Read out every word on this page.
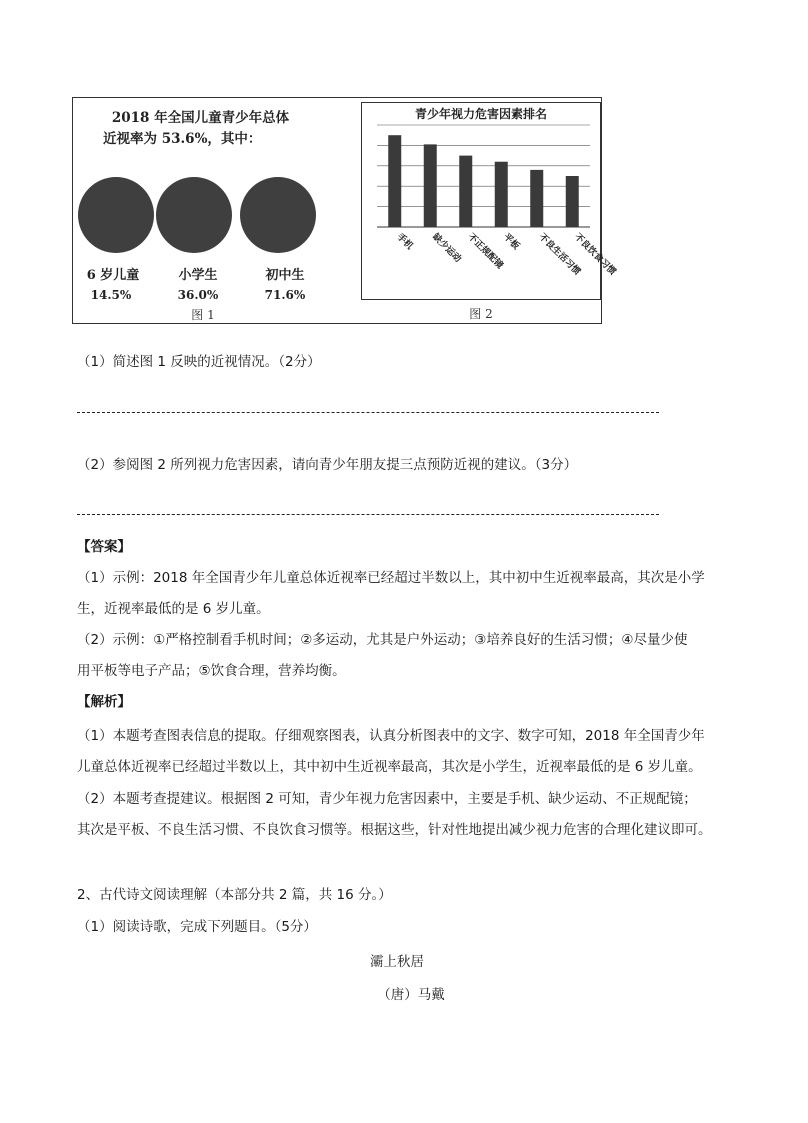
2018 年全国儿童青少年总体
近视率为 53.6%，其中：
6 岁儿童	小学生	初中生
14.5%	36.0%	71.6%
图 1
青少年视力危害因素排名
手机 缺少运动 不正规配镜
平板 不良生活习惯
不良饮食习惯
图 2
（1）简述图 1 反映的近视情况。（2分）
（2）参阅图 2 所列视力危害因素，请向青少年朋友提三点预防近视的建议。（3分）
【答案】
（1）示例：2018 年全国青少年儿童总体近视率已经超过半数以上，其中初中生近视率最高，其次是小学
生，近视率最低的是 6 岁儿童。
（2）示例：①严格控制看手机时间；②多运动，尤其是户外运动；③培养良好的生活习惯；④尽量少使
用平板等电子产品；⑤饮食合理，营养均衡。
【解析】
（1）本题考查图表信息的提取。仔细观察图表，认真分析图表中的文字、数字可知，2018 年全国青少年
儿童总体近视率已经超过半数以上，其中初中生近视率最高，其次是小学生，近视率最低的是 6 岁儿童。
（2）本题考查提建议。根据图 2 可知，青少年视力危害因素中，主要是手机、缺少运动、不正规配镜；
其次是平板、不良生活习惯、不良饮食习惯等。根据这些，针对性地提出减少视力危害的合理化建议即可。
2、古代诗文阅读理解（本部分共 2 篇，共 16 分。）
（1）阅读诗歌，完成下列题目。（5分）
灞上秋居
（唐）马戴
